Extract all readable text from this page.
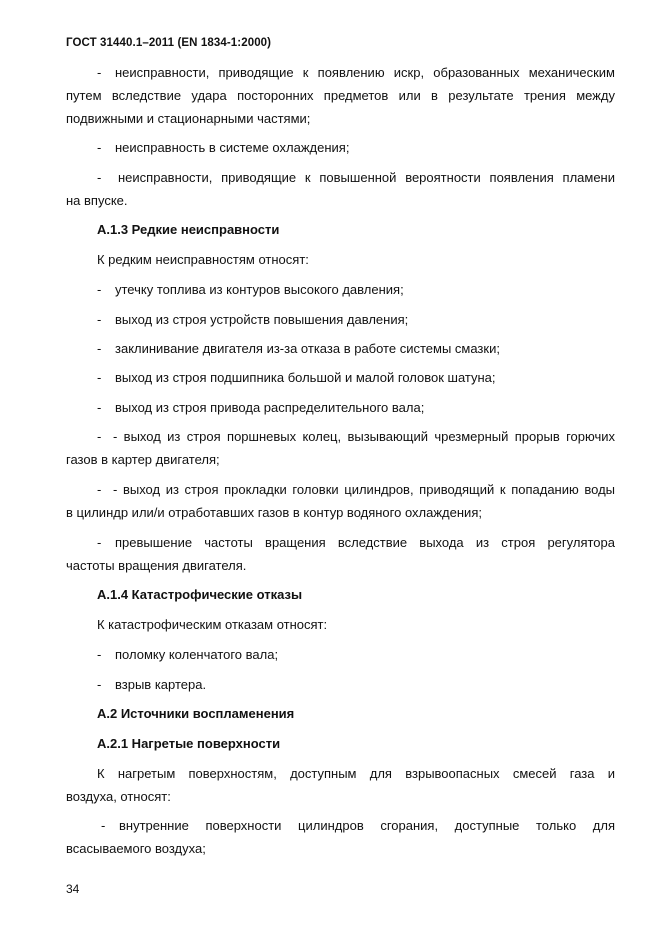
ГОСТ 31440.1–2011 (EN 1834-1:2000)
- неисправности, приводящие к появлению искр, образованных механическим
путем вследствие удара посторонних предметов или в результате трения между
подвижными и стационарными частями;
- неисправность в системе охлаждения;
- неисправности, приводящие к повышенной вероятности появления пламени
на впуске.
А.1.3 Редкие неисправности
К редким неисправностям относят:
- утечку топлива из контуров высокого давления;
- выход из строя устройств повышения давления;
- заклинивание двигателя из-за отказа в работе системы смазки;
- выход из строя подшипника большой и малой головок шатуна;
- выход из строя привода распределительного вала;
- - выход из строя поршневых колец, вызывающий чрезмерный прорыв горючих
газов в картер двигателя;
- - выход из строя прокладки головки цилиндров, приводящий к попаданию воды
в цилиндр или/и отработавших газов в контур водяного охлаждения;
- превышение частоты вращения вследствие выхода из строя регулятора
частоты вращения двигателя.
А.1.4 Катастрофические отказы
К катастрофическим отказам относят:
- поломку коленчатого вала;
- взрыв картера.
А.2 Источники воспламенения
А.2.1 Нагретые поверхности
К нагретым поверхностям, доступным для взрывоопасных смесей газа и
воздуха, относят:
- внутренние поверхности цилиндров сгорания, доступные только для
всасываемого воздуха;
34
